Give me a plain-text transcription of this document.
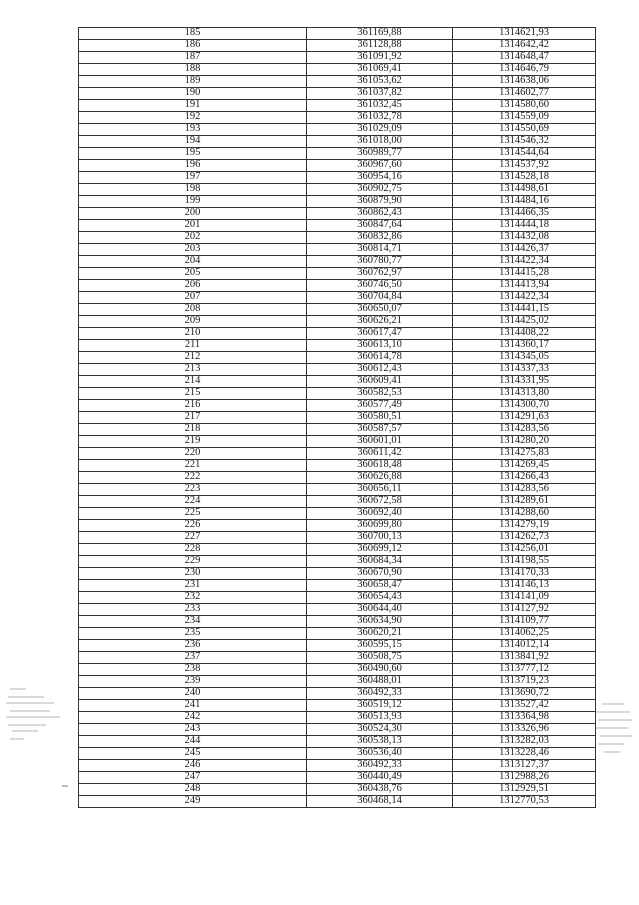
185	361169,88	1314621,93
186	361128,88	1314642,42
187	361091,92	1314648,47
188	361069,41	1314646,79
189	361053,62	1314638,06
190	361037,82	1314602,77
191	361032,45	1314580,60
192	361032,78	1314559,09
193	361029,09	1314550,69
194	361018,00	1314546,32
195	360989,77	1314544,64
196	360967,60	1314537,92
197	360954,16	1314528,18
198	360902,75	1314498,61
199	360879,90	1314484,16
200	360862,43	1314466,35
201	360847,64	1314444,18
202	360832,86	1314432,08
203	360814,71	1314426,37
204	360780,77	1314422,34
205	360762,97	1314415,28
206	360746,50	1314413,94
207	360704,84	1314422,34
208	360650,07	1314441,15
209	360626,21	1314425,02
210	360617,47	1314408,22
211	360613,10	1314360,17
212	360614,78	1314345,05
213	360612,43	1314337,33
214	360609,41	1314331,95
215	360582,53	1314313,80
216	360577,49	1314300,70
217	360580,51	1314291,63
218	360587,57	1314283,56
219	360601,01	1314280,20
220	360611,42	1314275,83
221	360618,48	1314269,45
222	360626,88	1314266,43
223	360656,11	1314283,56
224	360672,58	1314289,61
225	360692,40	1314288,60
226	360699,80	1314279,19
227	360700,13	1314262,73
228	360699,12	1314256,01
229	360684,34	1314198,55
230	360670,90	1314170,33
231	360658,47	1314146,13
232	360654,43	1314141,09
233	360644,40	1314127,92
234	360634,90	1314109,77
235	360620,21	1314062,25
236	360595,15	1314012,14
237	360508,75	1313841,92
238	360490,60	1313777,12
239	360488,01	1313719,23
240	360492,33	1313690,72
241	360519,12	1313527,42
242	360513,93	1313364,98
243	360524,30	1313326,96
244	360538,13	1313282,03
245	360536,40	1313228,46
246	360492,33	1313127,37
247	360440,49	1312988,26
248	360438,76	1312929,51
249	360468,14	1312770,53
